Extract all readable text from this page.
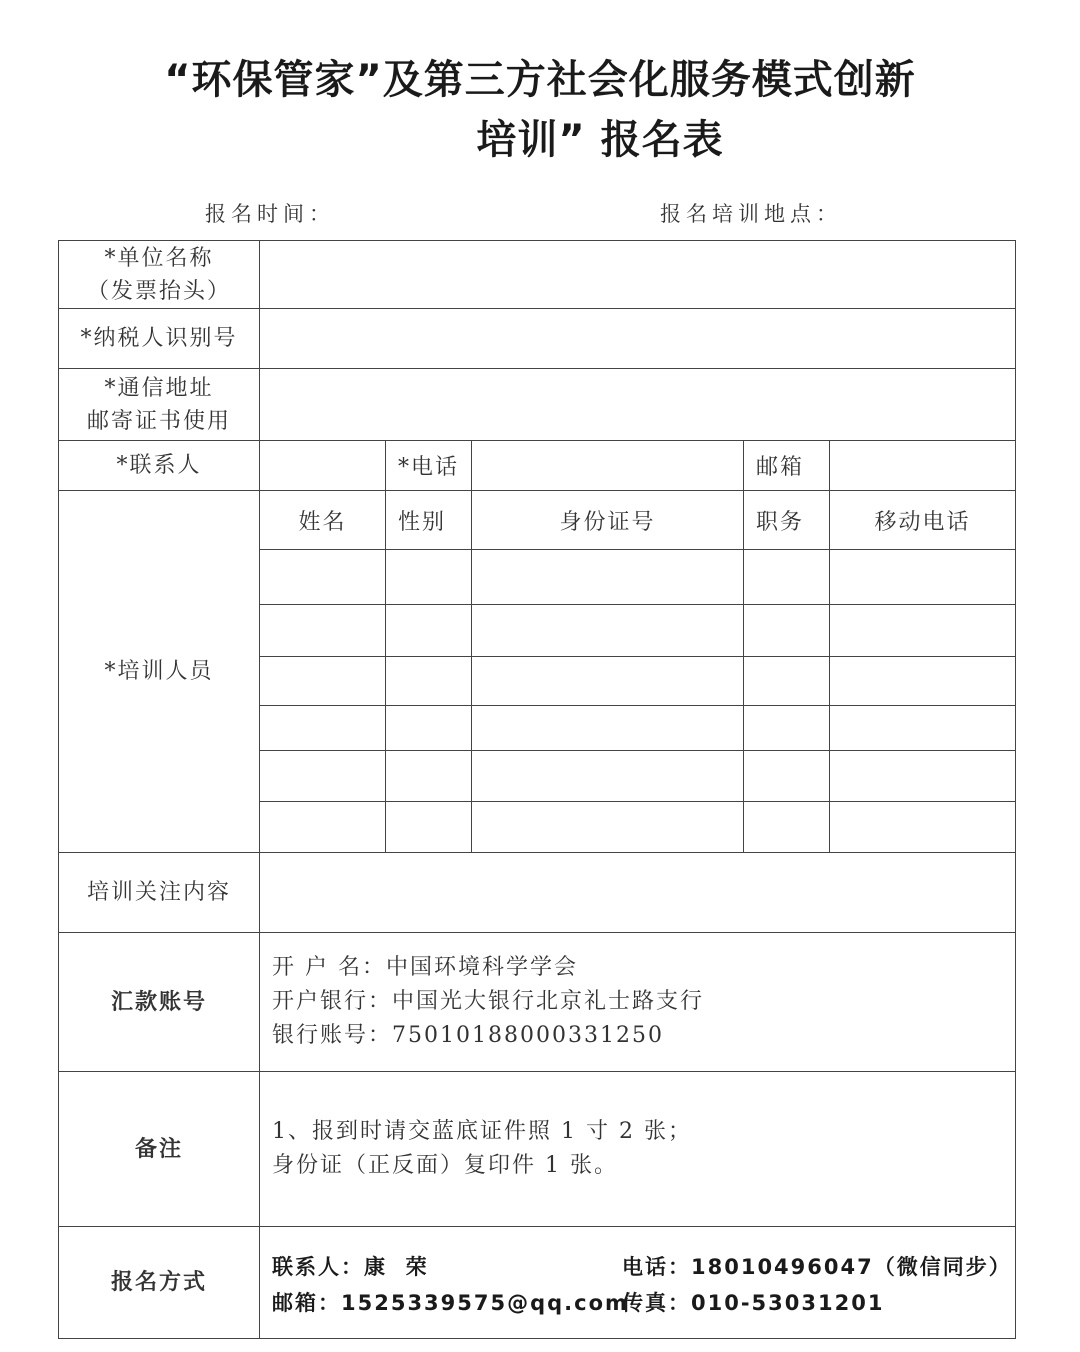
“环保管家”及第三方社会化服务模式创新
培训” 报名表
报名时间：	报名培训地点：
*单位名称
（发票抬头）					

*纳税人识别号					

*通信地址
邮寄证书使用					

*联系人		*电话		邮箱	
*培训人员	姓名	性别	身份证号	职务	移动电话

培训关注内容					
汇款账号	开 户 名：中国环境科学学会
开户银行：中国光大银行北京礼士路支行
银行账号：75010188000331250				

备注	1、报到时请交蓝底证件照 1 寸 2 张；
身份证（正反面）复印件 1 张。				

报名方式	联系人：康  荣
邮箱：1525339575@qq.com
电话：18010496047（微信同步）
传真：010-53031201				
